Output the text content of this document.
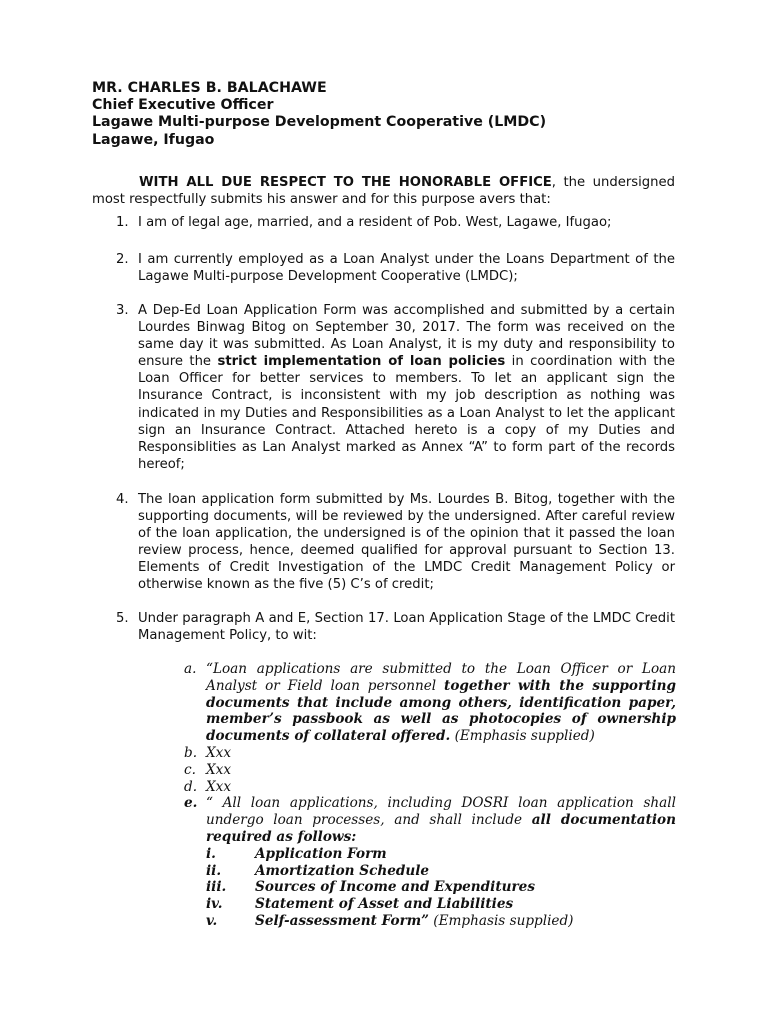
MR. CHARLES B. BALACHAWE
Chief Executive Officer
Lagawe Multi-purpose Development Cooperative (LMDC)
Lagawe, Ifugao
WITH ALL DUE RESPECT TO THE HONORABLE OFFICE, the undersigned most respectfully submits his answer and for this purpose avers that:
1. I am of legal age, married, and a resident of Pob. West, Lagawe, Ifugao;
2. I am currently employed as a Loan Analyst under the Loans Department of the Lagawe Multi-purpose Development Cooperative (LMDC);
3. A Dep-Ed Loan Application Form was accomplished and submitted by a certain Lourdes Binwag Bitog on September 30, 2017. The form was received on the same day it was submitted. As Loan Analyst, it is my duty and responsibility to ensure the strict implementation of loan policies in coordination with the Loan Officer for better services to members. To let an applicant sign the Insurance Contract, is inconsistent with my job description as nothing was indicated in my Duties and Responsibilities as a Loan Analyst to let the applicant sign an Insurance Contract. Attached hereto is a copy of my Duties and Responsiblities as Lan Analyst marked as Annex “A” to form part of the records hereof;
4. The loan application form submitted by Ms. Lourdes B. Bitog, together with the supporting documents, will be reviewed by the undersigned. After careful review of the loan application, the undersigned is of the opinion that it passed the loan review process, hence, deemed qualified for approval pursuant to Section 13. Elements of Credit Investigation of the LMDC Credit Management Policy or otherwise known as the five (5) C’s of credit;
5. Under paragraph A and E, Section 17. Loan Application Stage of the LMDC Credit Management Policy, to wit:
a. “Loan applications are submitted to the Loan Officer or Loan Analyst or Field loan personnel together with the supporting documents that include among others, identification paper, member’s passbook as well as photocopies of ownership documents of collateral offered. (Emphasis supplied)
b. Xxx
c. Xxx
d. Xxx
e. “ All loan applications, including DOSRI loan application shall undergo loan processes, and shall include all documentation required as follows:
i.	Application Form
ii. Amortization Schedule
iii. Sources of Income and Expenditures
iv. Statement of Asset and Liabilities
v.	Self-assessment Form” (Emphasis supplied)
